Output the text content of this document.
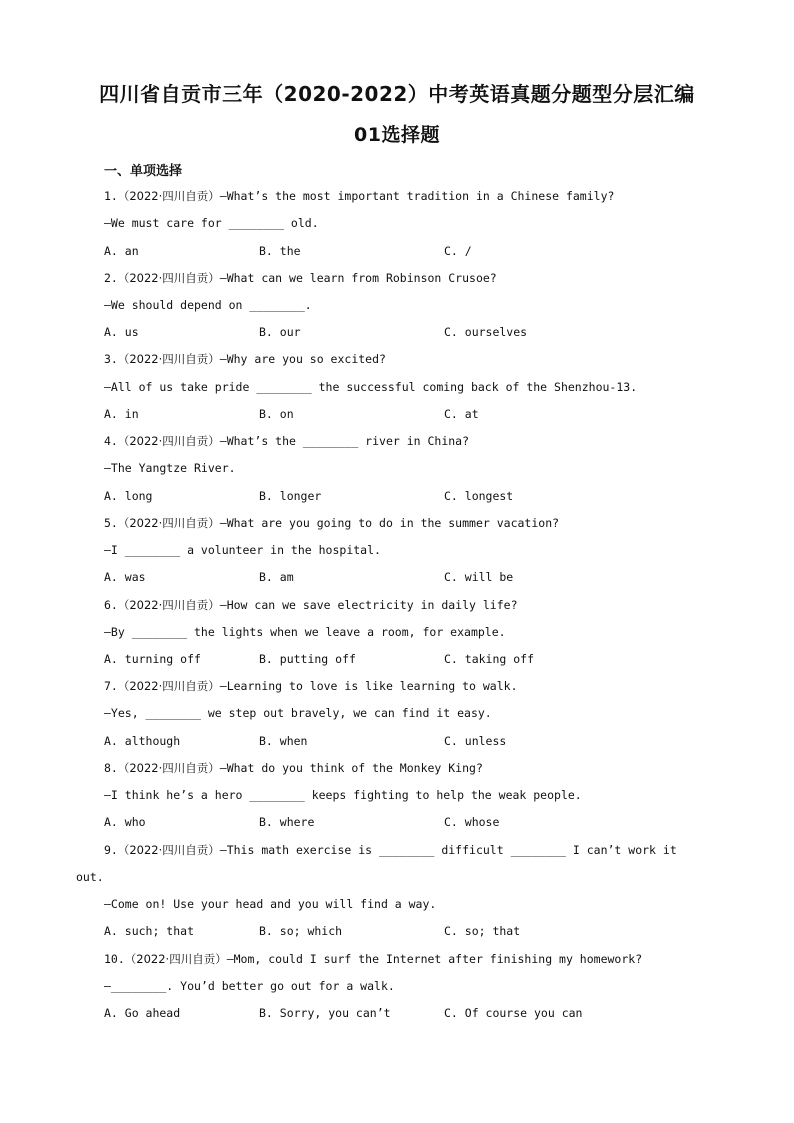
四川省自贡市三年（2020-2022）中考英语真题分题型分层汇编
01选择题
一、单项选择
1.（2022·四川自贡）—What’s the most important tradition in a Chinese family?
—We must care for ________ old.
A. an	B. the	C. /
2.（2022·四川自贡）—What can we learn from Robinson Crusoe?
—We should depend on ________.
A. us	B. our	C. ourselves
3.（2022·四川自贡）—Why are you so excited?
—All of us take pride ________ the successful coming back of the Shenzhou-13.
A. in	B. on	C. at
4.（2022·四川自贡）—What’s the ________ river in China?
—The Yangtze River.
A. long	B. longer	C. longest
5.（2022·四川自贡）—What are you going to do in the summer vacation?
—I ________ a volunteer in the hospital.
A. was	B. am	C. will be
6.（2022·四川自贡）—How can we save electricity in daily life?
—By ________ the lights when we leave a room, for example.
A. turning off	B. putting off	C. taking off
7.（2022·四川自贡）—Learning to love is like learning to walk.
—Yes, ________ we step out bravely, we can find it easy.
A. although	B. when	C. unless
8.（2022·四川自贡）—What do you think of the Monkey King?
—I think he’s a hero ________ keeps fighting to help the weak people.
A. who	B. where	C. whose
9.（2022·四川自贡）—This math exercise is ________ difficult ________ I can’t work it
out.
—Come on! Use your head and you will find a way.
A. such; that	B. so; which	C. so; that
10.（2022·四川自贡）—Mom, could I surf the Internet after finishing my homework?
—________. You’d better go out for a walk.
A. Go ahead	B. Sorry, you can’t	C. Of course you can
